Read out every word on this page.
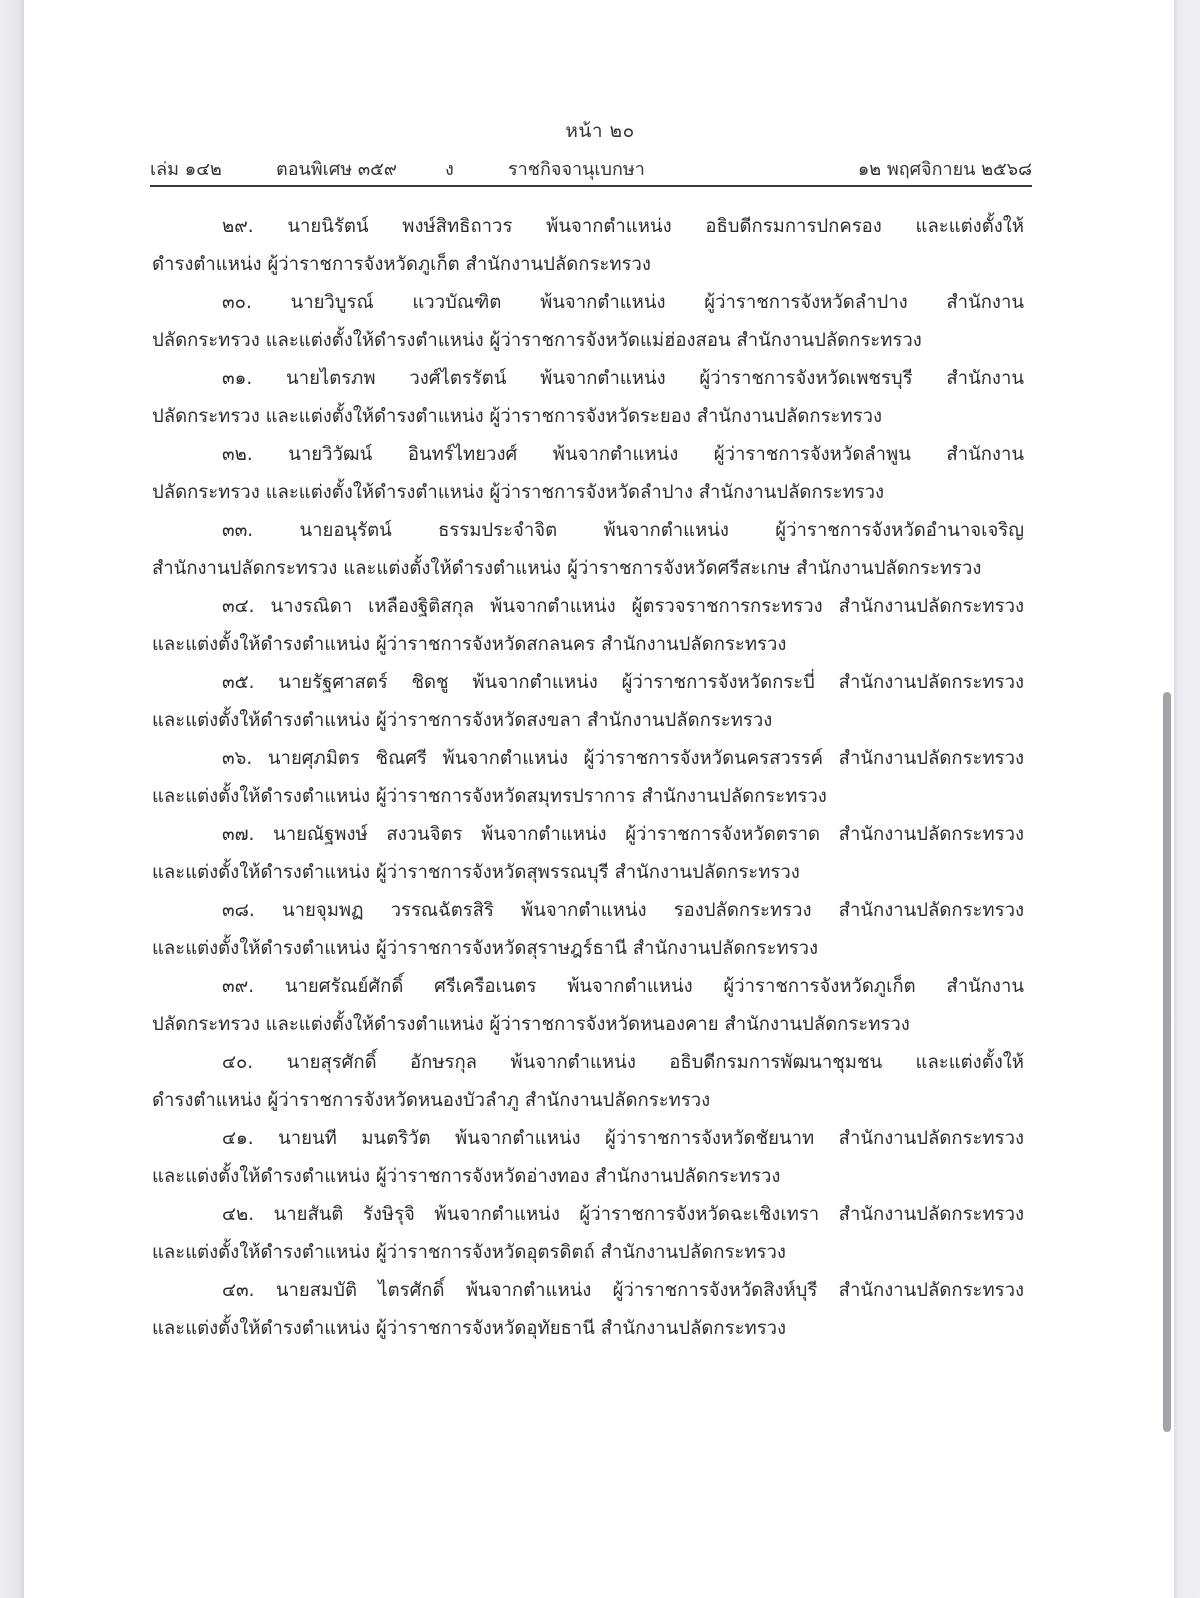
หน้า ๒๐
เล่ม ๑๔๒	ตอนพิเศษ ๓๕๙	ง	ราชกิจจานุเบกษา	๑๒ พฤศจิกายน ๒๕๖๘
๒๙. นายนิรัตน์ พงษ์สิทธิถาวร พ้นจากตำแหน่ง อธิบดีกรมการปกครอง และแต่งตั้งให้
ดำรงตำแหน่ง ผู้ว่าราชการจังหวัดภูเก็ต สำนักงานปลัดกระทรวง
๓๐. นายวิบูรณ์ แววบัณฑิต พ้นจากตำแหน่ง ผู้ว่าราชการจังหวัดลำปาง สำนักงาน
ปลัดกระทรวง และแต่งตั้งให้ดำรงตำแหน่ง ผู้ว่าราชการจังหวัดแม่ฮ่องสอน สำนักงานปลัดกระทรวง
๓๑. นายไตรภพ วงศ์ไตรรัตน์ พ้นจากตำแหน่ง ผู้ว่าราชการจังหวัดเพชรบุรี สำนักงาน
ปลัดกระทรวง และแต่งตั้งให้ดำรงตำแหน่ง ผู้ว่าราชการจังหวัดระยอง สำนักงานปลัดกระทรวง
๓๒. นายวิวัฒน์ อินทร์ไทยวงศ์ พ้นจากตำแหน่ง ผู้ว่าราชการจังหวัดลำพูน สำนักงาน
ปลัดกระทรวง และแต่งตั้งให้ดำรงตำแหน่ง ผู้ว่าราชการจังหวัดลำปาง สำนักงานปลัดกระทรวง
๓๓. นายอนุรัตน์ ธรรมประจำจิต พ้นจากตำแหน่ง ผู้ว่าราชการจังหวัดอำนาจเจริญ
สำนักงานปลัดกระทรวง และแต่งตั้งให้ดำรงตำแหน่ง ผู้ว่าราชการจังหวัดศรีสะเกษ สำนักงานปลัดกระทรวง
๓๔. นางรณิดา เหลืองฐิติสกุล พ้นจากตำแหน่ง ผู้ตรวจราชการกระทรวง สำนักงานปลัดกระทรวง
และแต่งตั้งให้ดำรงตำแหน่ง ผู้ว่าราชการจังหวัดสกลนคร สำนักงานปลัดกระทรวง
๓๕. นายรัฐศาสตร์ ชิดชู พ้นจากตำแหน่ง ผู้ว่าราชการจังหวัดกระบี่ สำนักงานปลัดกระทรวง
และแต่งตั้งให้ดำรงตำแหน่ง ผู้ว่าราชการจังหวัดสงขลา สำนักงานปลัดกระทรวง
๓๖. นายศุภมิตร ชิณศรี พ้นจากตำแหน่ง ผู้ว่าราชการจังหวัดนครสวรรค์ สำนักงานปลัดกระทรวง
และแต่งตั้งให้ดำรงตำแหน่ง ผู้ว่าราชการจังหวัดสมุทรปราการ สำนักงานปลัดกระทรวง
๓๗. นายณัฐพงษ์ สงวนจิตร พ้นจากตำแหน่ง ผู้ว่าราชการจังหวัดตราด สำนักงานปลัดกระทรวง
และแต่งตั้งให้ดำรงตำแหน่ง ผู้ว่าราชการจังหวัดสุพรรณบุรี สำนักงานปลัดกระทรวง
๓๘. นายจุมพฏ วรรณฉัตรสิริ พ้นจากตำแหน่ง รองปลัดกระทรวง สำนักงานปลัดกระทรวง
และแต่งตั้งให้ดำรงตำแหน่ง ผู้ว่าราชการจังหวัดสุราษฎร์ธานี สำนักงานปลัดกระทรวง
๓๙. นายศรัณย์ศักดิ์ ศรีเครือเนตร พ้นจากตำแหน่ง ผู้ว่าราชการจังหวัดภูเก็ต สำนักงาน
ปลัดกระทรวง และแต่งตั้งให้ดำรงตำแหน่ง ผู้ว่าราชการจังหวัดหนองคาย สำนักงานปลัดกระทรวง
๔๐. นายสุรศักดิ์ อักษรกุล พ้นจากตำแหน่ง อธิบดีกรมการพัฒนาชุมชน และแต่งตั้งให้
ดำรงตำแหน่ง ผู้ว่าราชการจังหวัดหนองบัวลำภู สำนักงานปลัดกระทรวง
๔๑. นายนที มนตริวัต พ้นจากตำแหน่ง ผู้ว่าราชการจังหวัดชัยนาท สำนักงานปลัดกระทรวง
และแต่งตั้งให้ดำรงตำแหน่ง ผู้ว่าราชการจังหวัดอ่างทอง สำนักงานปลัดกระทรวง
๔๒. นายสันติ รังษิรุจิ พ้นจากตำแหน่ง ผู้ว่าราชการจังหวัดฉะเชิงเทรา สำนักงานปลัดกระทรวง
และแต่งตั้งให้ดำรงตำแหน่ง ผู้ว่าราชการจังหวัดอุตรดิตถ์ สำนักงานปลัดกระทรวง
๔๓. นายสมบัติ ไตรศักดิ์ พ้นจากตำแหน่ง ผู้ว่าราชการจังหวัดสิงห์บุรี สำนักงานปลัดกระทรวง
และแต่งตั้งให้ดำรงตำแหน่ง ผู้ว่าราชการจังหวัดอุทัยธานี สำนักงานปลัดกระทรวง
